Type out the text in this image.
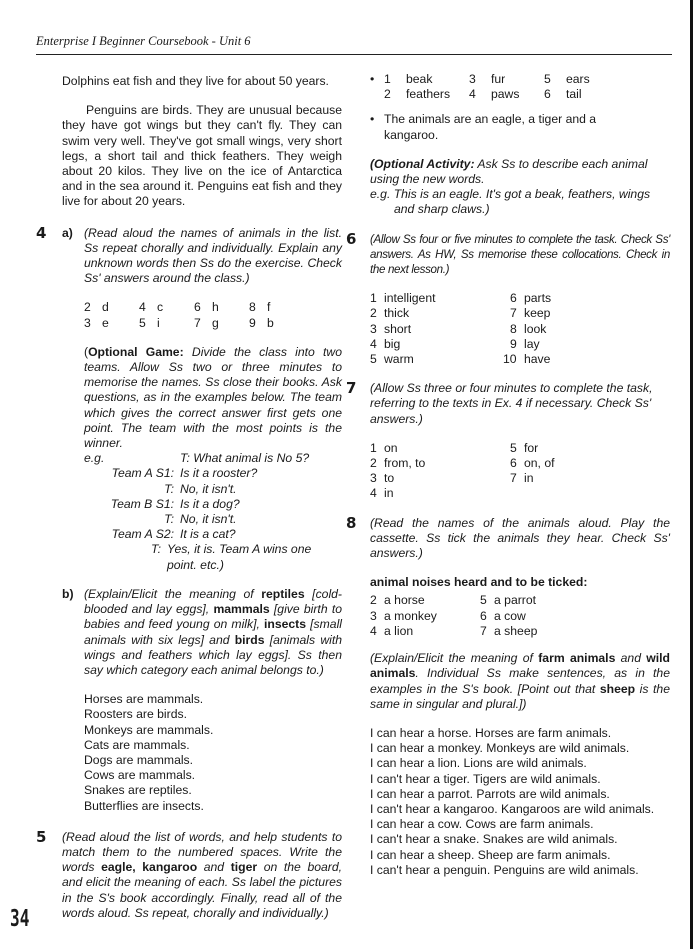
Enterprise I Beginner Coursebook - Unit 6

Dolphins eat fish and they live for about 50 years.

Penguins are birds. They are unusual because they have got wings but they can't fly. They can swim very well. They've got small wings, very short legs, a short tail and thick feathers. They weigh about 20 kilos. They live on the ice of Antarctica and in the sea around it. Penguins eat fish and they live for about 20 years.

4 a) (Read aloud the names of animals in the list. Ss repeat chorally and individually. Explain any unknown words then Ss do the exercise. Check Ss' answers around the class.)

2 d	4 c	6 h	8 f
3 e	5 i	7 g	9 b

(Optional Game: Divide the class into two teams. Allow Ss two or three minutes to memorise the names. Ss close their books. Ask questions, as in the examples below. The team which gives the correct answer first gets one point. The team with the most points is the winner.

e.g.	T: What animal is No 5?
Team A S1: Is it a rooster?
T: No, it isn't.
Team B S1: Is it a dog?
T: No, it isn't.
Team A S2: It is a cat?
T: Yes, it is. Team A wins one point. etc.)
b) (Explain/Elicit the meaning of reptiles [cold-blooded and lay eggs], mammals [give birth to babies and feed young on milk], insects [small animals with six legs] and birds [animals with wings and feathers which lay eggs]. Ss then say which category each animal belongs to.)

Horses are mammals.
Roosters are birds.
Monkeys are mammals.
Cats are mammals.
Dogs are mammals.
Cows are mammals.
Snakes are reptiles.
Butterflies are insects.
5 (Read aloud the list of words, and help students to match them to the numbered spaces. Write the words eagle, kangaroo and tiger on the board, and elicit the meaning of each. Ss label the pictures in the S's book accordingly. Finally, read all of the words aloud. Ss repeat, chorally and individually.)

• 1 beak	3 fur	5 ears
2 feathers	4 paws	6 tail
• The animals are an eagle, a tiger and a kangaroo.

(Optional Activity: Ask Ss to describe each animal using the new words.

e.g. This is an eagle. It's got a beak, feathers, wings and sharp claws.)

6 (Allow Ss four or five minutes to complete the task. Check Ss' answers. As HW, Ss memorise these collocations. Check in the next lesson.)

1 intelligent	6 parts
2 thick	7 keep
3 short	8 look
4 big	9 lay
5 warm	10 have
7 (Allow Ss three or four minutes to complete the task, referring to the texts in Ex. 4 if necessary. Check Ss' answers.)

1 on	5 for
2 from, to	6 on, of
3 to	7 in
4 in
8 (Read the names of the animals aloud. Play the cassette. Ss tick the animals they hear. Check Ss' answers.)

animal noises heard and to be ticked:

2 a horse	5 a parrot
3 a monkey	6 a cow
4 a lion	7 a sheep

(Explain/Elicit the meaning of farm animals and wild animals. Individual Ss make sentences, as in the examples in the S's book. [Point out that sheep is the same in singular and plural.])

I can hear a horse. Horses are farm animals.
I can hear a monkey. Monkeys are wild animals.
I can hear a lion. Lions are wild animals.
I can't hear a tiger. Tigers are wild animals.
I can hear a parrot. Parrots are wild animals.
I can't hear a kangaroo. Kangaroos are wild animals.
I can hear a cow. Cows are farm animals.
I can't hear a snake. Snakes are wild animals.
I can hear a sheep. Sheep are farm animals.
I can't hear a penguin. Penguins are wild animals.
34
